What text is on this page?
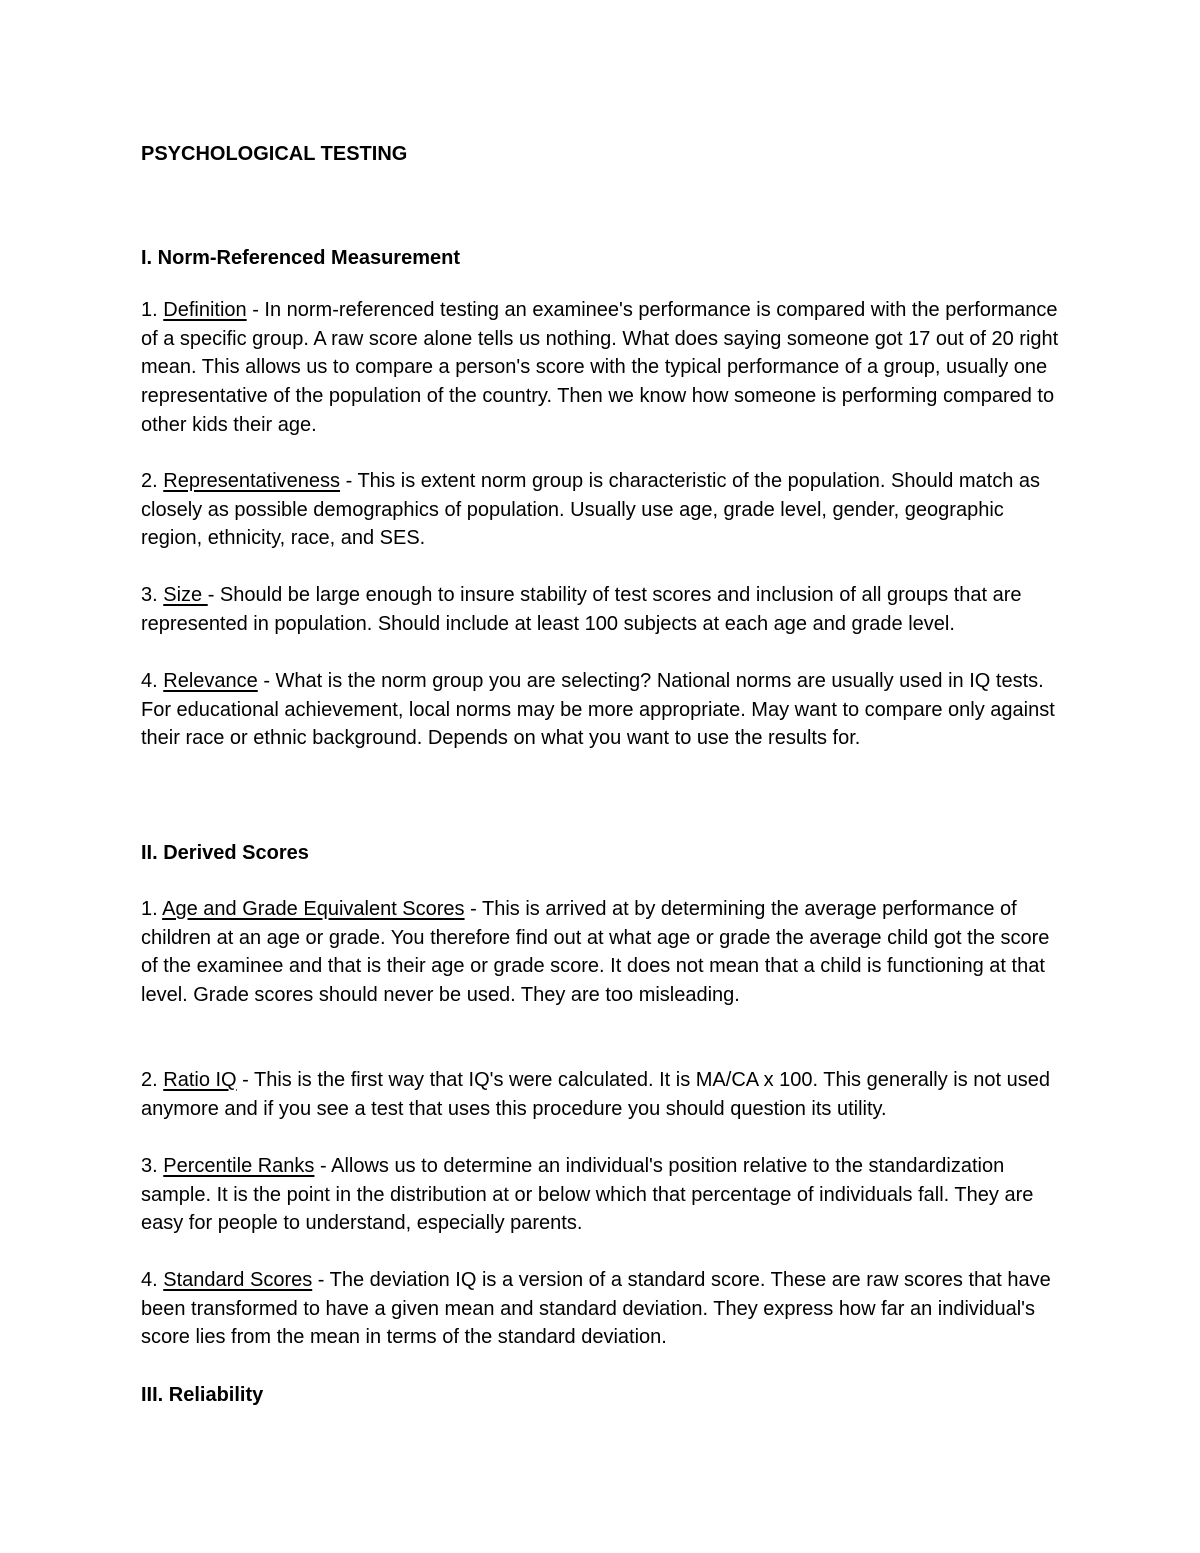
PSYCHOLOGICAL TESTING
I. Norm-Referenced Measurement

1. Definition - In norm-referenced testing an examinee's performance is compared with the performance of a specific group. A raw score alone tells us nothing. What does saying someone got 17 out of 20 right mean. This allows us to compare a person's score with the typical performance of a group, usually one representative of the population of the country. Then we know how someone is performing compared to other kids their age.

2. Representativeness - This is extent norm group is characteristic of the population. Should match as closely as possible demographics of population. Usually use age, grade level, gender, geographic region, ethnicity, race, and SES.

3. Size - Should be large enough to insure stability of test scores and inclusion of all groups that are represented in population. Should include at least 100 subjects at each age and grade level.

4. Relevance - What is the norm group you are selecting? National norms are usually used in IQ tests. For educational achievement, local norms may be more appropriate. May want to compare only against their race or ethnic background. Depends on what you want to use the results for.

II. Derived Scores

1. Age and Grade Equivalent Scores - This is arrived at by determining the average performance of children at an age or grade. You therefore find out at what age or grade the average child got the score of the examinee and that is their age or grade score. It does not mean that a child is functioning at that level. Grade scores should never be used. They are too misleading.

2. Ratio IQ - This is the first way that IQ's were calculated. It is MA/CA x 100. This generally is not used anymore and if you see a test that uses this procedure you should question its utility.

3. Percentile Ranks - Allows us to determine an individual's position relative to the standardization sample. It is the point in the distribution at or below which that percentage of individuals fall. They are easy for people to understand, especially parents.

4. Standard Scores - The deviation IQ is a version of a standard score. These are raw scores that have been transformed to have a given mean and standard deviation. They express how far an individual's score lies from the mean in terms of the standard deviation.

III. Reliability
